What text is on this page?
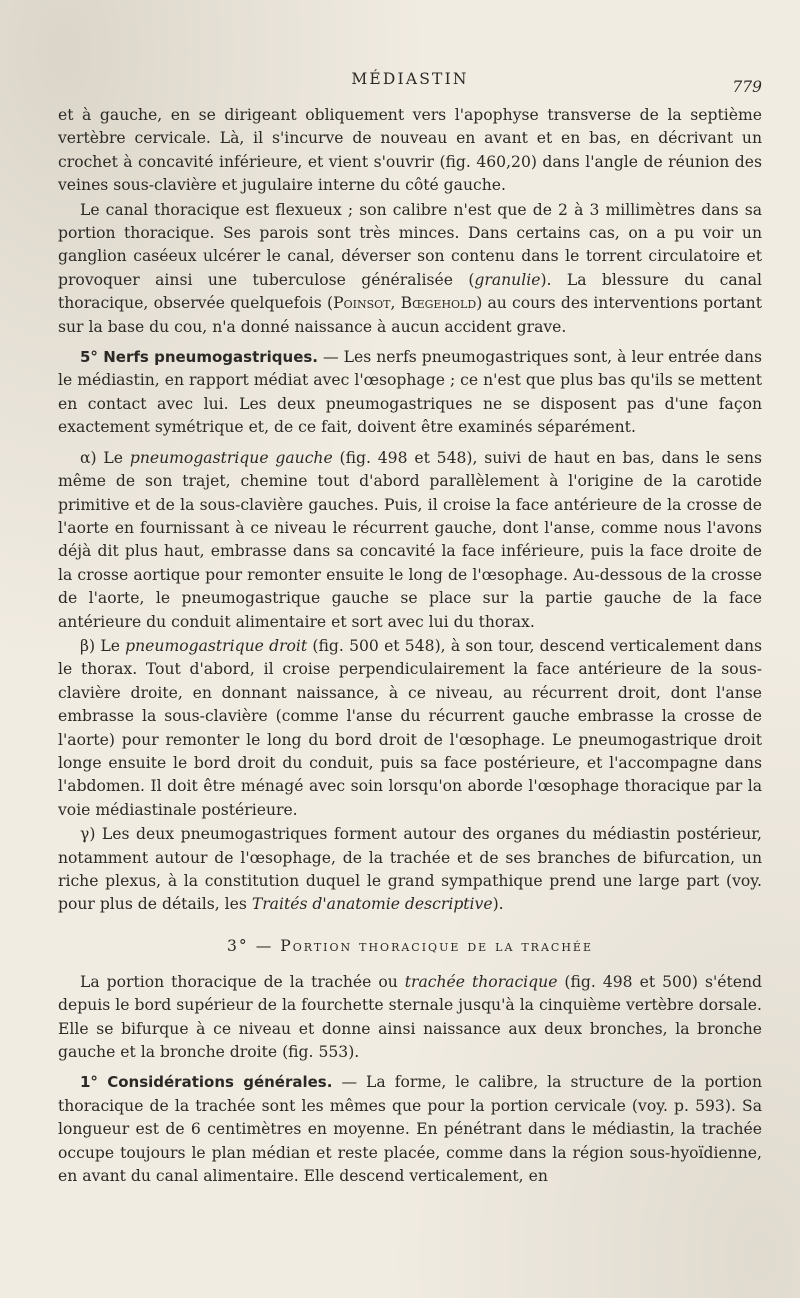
MÉDIASTIN	779

et à gauche, en se dirigeant obliquement vers l'apophyse transverse de la septième vertèbre cervicale. Là, il s'incurve de nouveau en avant et en bas, en décrivant un crochet à concavité inférieure, et vient s'ouvrir (fig. 460,20) dans l'angle de réunion des veines sous-clavière et jugulaire interne du côté gauche.

Le canal thoracique est flexueux ; son calibre n'est que de 2 à 3 millimètres dans sa portion thoracique. Ses parois sont très minces. Dans certains cas, on a pu voir un ganglion caséeux ulcérer le canal, déverser son contenu dans le torrent circulatoire et provoquer ainsi une tuberculose généralisée (granulie). La blessure du canal thoracique, observée quelquefois (Poinsot, Bœgehold) au cours des interventions portant sur la base du cou, n'a donné naissance à aucun accident grave.

5° Nerfs pneumogastriques. — Les nerfs pneumogastriques sont, à leur entrée dans le médiastin, en rapport médiat avec l'œsophage ; ce n'est que plus bas qu'ils se mettent en contact avec lui. Les deux pneumogastriques ne se disposent pas d'une façon exactement symétrique et, de ce fait, doivent être examinés séparément.

α) Le pneumogastrique gauche (fig. 498 et 548), suivi de haut en bas, dans le sens même de son trajet, chemine tout d'abord parallèlement à l'origine de la carotide primitive et de la sous-clavière gauches. Puis, il croise la face antérieure de la crosse de l'aorte en fournissant à ce niveau le récurrent gauche, dont l'anse, comme nous l'avons déjà dit plus haut, embrasse dans sa concavité la face inférieure, puis la face droite de la crosse aortique pour remonter ensuite le long de l'œsophage. Au-dessous de la crosse de l'aorte, le pneumogastrique gauche se place sur la partie gauche de la face antérieure du conduit alimentaire et sort avec lui du thorax.

β) Le pneumogastrique droit (fig. 500 et 548), à son tour, descend verticalement dans le thorax. Tout d'abord, il croise perpendiculairement la face antérieure de la sous-clavière droite, en donnant naissance, à ce niveau, au récurrent droit, dont l'anse embrasse la sous-clavière (comme l'anse du récurrent gauche embrasse la crosse de l'aorte) pour remonter le long du bord droit de l'œsophage. Le pneumogastrique droit longe ensuite le bord droit du conduit, puis sa face postérieure, et l'accompagne dans l'abdomen. Il doit être ménagé avec soin lorsqu'on aborde l'œsophage thoracique par la voie médiastinale postérieure.

γ) Les deux pneumogastriques forment autour des organes du médiastin postérieur, notamment autour de l'œsophage, de la trachée et de ses branches de bifurcation, un riche plexus, à la constitution duquel le grand sympathique prend une large part (voy. pour plus de détails, les Traités d'anatomie descriptive).

3° — Portion thoracique de la trachée

La portion thoracique de la trachée ou trachée thoracique (fig. 498 et 500) s'étend depuis le bord supérieur de la fourchette sternale jusqu'à la cinquième vertèbre dorsale. Elle se bifurque à ce niveau et donne ainsi naissance aux deux bronches, la bronche gauche et la bronche droite (fig. 553).

1° Considérations générales. — La forme, le calibre, la structure de la portion thoracique de la trachée sont les mêmes que pour la portion cervicale (voy. p. 593). Sa longueur est de 6 centimètres en moyenne. En pénétrant dans le médiastin, la trachée occupe toujours le plan médian et reste placée, comme dans la région sous-hyoïdienne, en avant du canal alimentaire. Elle descend verticalement, en
